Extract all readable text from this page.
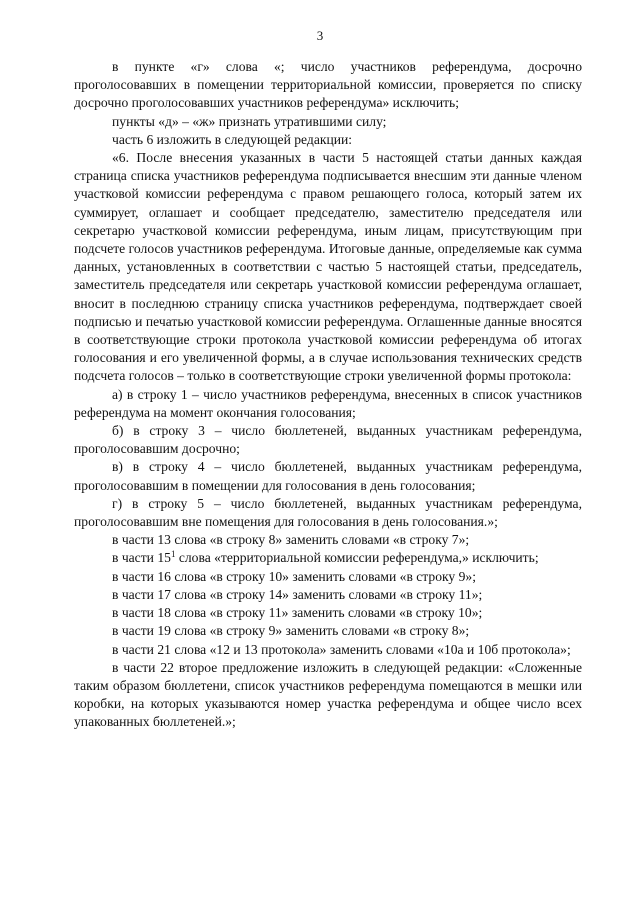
3

в пункте «г» слова «; число участников референдума, досрочно проголосовавших в помещении территориальной комиссии, проверяется по списку досрочно проголосовавших участников референдума» исключить;

пункты «д» – «ж» признать утратившими силу;

часть 6 изложить в следующей редакции:

«6. После внесения указанных в части 5 настоящей статьи данных каждая страница списка участников референдума подписывается внесшим эти данные членом участковой комиссии референдума с правом решающего голоса, который затем их суммирует, оглашает и сообщает председателю, заместителю председателя или секретарю участковой комиссии референдума, иным лицам, присутствующим при подсчете голосов участников референдума. Итоговые данные, определяемые как сумма данных, установленных в соответствии с частью 5 настоящей статьи, председатель, заместитель председателя или секретарь участковой комиссии референдума оглашает, вносит в последнюю страницу списка участников референдума, подтверждает своей подписью и печатью участковой комиссии референдума. Оглашенные данные вносятся в соответствующие строки протокола участковой комиссии референдума об итогах голосования и его увеличенной формы, а в случае использования технических средств подсчета голосов – только в соответствующие строки увеличенной формы протокола:

а) в строку 1 – число участников референдума, внесенных в список участников референдума на момент окончания голосования;

б) в строку 3 – число бюллетеней, выданных участникам референдума, проголосовавшим досрочно;

в) в строку 4 – число бюллетеней, выданных участникам референдума, проголосовавшим в помещении для голосования в день голосования;

г) в строку 5 – число бюллетеней, выданных участникам референдума, проголосовавшим вне помещения для голосования в день голосования.»;

в части 13 слова «в строку 8» заменить словами «в строку 7»;

в части $15^1$ слова «территориальной комиссии референдума,» исключить;

в части 16 слова «в строку 10» заменить словами «в строку 9»;

в части 17 слова «в строку 14» заменить словами «в строку 11»;

в части 18 слова «в строку 11» заменить словами «в строку 10»;

в части 19 слова «в строку 9» заменить словами «в строку 8»;

в части 21 слова «12 и 13 протокола» заменить словами «10а и 10б протокола»;

в части 22 второе предложение изложить в следующей редакции: «Сложенные таким образом бюллетени, список участников референдума помещаются в мешки или коробки, на которых указываются номер участка референдума и общее число всех упакованных бюллетеней.»;
